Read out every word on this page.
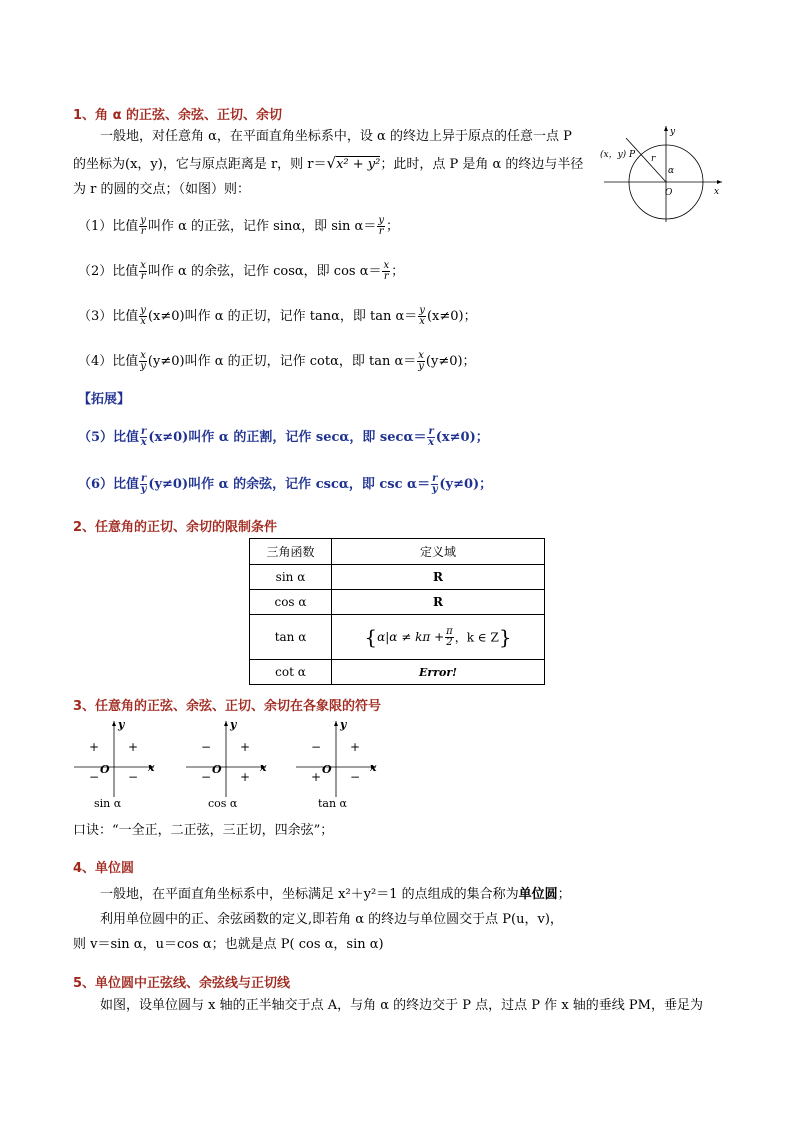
1、角 α 的正弦、余弦、正切、余切
一般地，对任意角 α，在平面直角坐标系中，设 α 的终边上异于原点的任意一点 P
的坐标为(x，y)，它与原点距离是 r，则 r＝√x² + y²；此时，点 P 是角 α 的终边与半径
为 r 的圆的交点；（如图）则：
(x，y) P r
α
O	x
y
（1）比值 $\frac{y}{r}$ 叫作 α 的正弦，记作 sinα，即 $\sin \alpha= \frac{y}{r}$ ；
（2）比值 $\frac{x}{r}$ 叫作 α 的余弦，记作 cosα，即 $\cos \alpha= \frac{x}{r}$ ；
（3）比值 $\frac{y}{x} (x\ne 0)$叫作 α 的正切，记作 tanα，即 $\tan \alpha= \frac{y}{x} (x\ne 0)$；
（4）比值 $\frac{x}{y} (y\ne 0)$叫作 α 的正切，记作 cotα，即 $\tan \alpha= \frac{x}{y} (y\ne 0)$；
【拓展】
（5）比值 $\frac{r}{x} (x\ne 0)$叫作 α 的正割，记作 secα，即 $\sec\alpha= \frac{r}{x} (x\ne 0)$；
（6）比值 $\frac{r}{y} (y\ne 0)$叫作 α 的余弦，记作 cscα，即 $\csc \alpha= \frac{r}{y} (y\ne 0)$；
2、任意角的正切、余切的限制条件
三角函数	定义域
sin α	R
cos α	R
tan α	{$\alpha|\alpha \ne k\pi + \frac{\pi}{2}$ ，k ∈ Z}
cot α	Error!
3、任意角的正弦、余弦、正切、余切在各象限的符号
y
x
O
+
+
− −
sin α
y
x
O
+
−
− +
cos α
y
x
O
+
−
+ −
tan α
口诀：“一全正，二正弦，三正切，四余弦”；
4、单位圆
一般地，在平面直角坐标系中，坐标满足 x²＋y²＝1 的点组成的集合称为单位圆；
利用单位圆中的正、余弦函数的定义,即若角 α 的终边与单位圆交于点 P(u，v)，
则 v＝sin α，u＝cos α；也就是点 P( cos α，sin α)
5、单位圆中正弦线、余弦线与正切线
如图，设单位圆与 x 轴的正半轴交于点 A，与角 α 的终边交于 P 点，过点 P 作 x 轴的垂线 PM，垂足为
